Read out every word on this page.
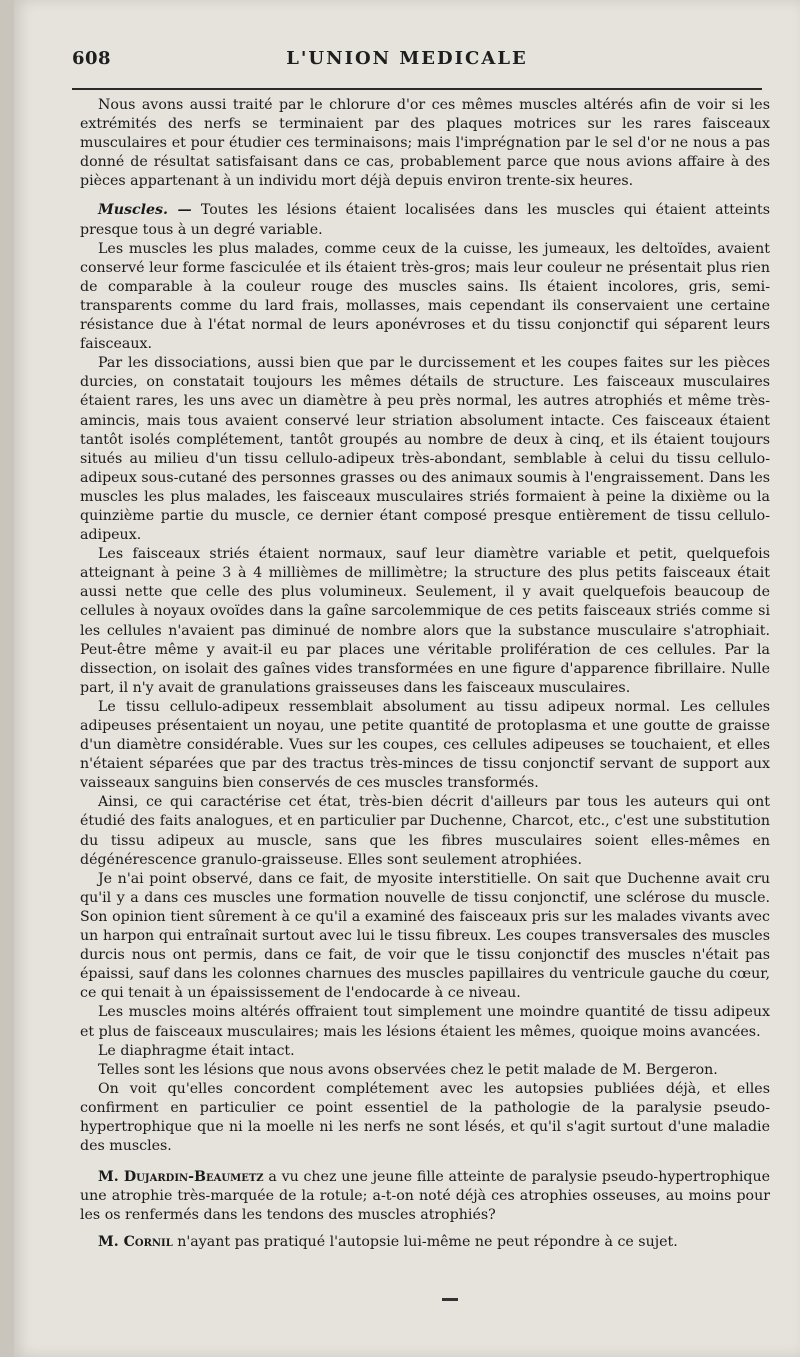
608	L'UNION MEDICALE

Nous avons aussi traité par le chlorure d'or ces mêmes muscles altérés afin de voir si les extrémités des nerfs se terminaient par des plaques motrices sur les rares faisceaux musculaires et pour étudier ces terminaisons; mais l'imprégnation par le sel d'or ne nous a pas donné de résultat satisfaisant dans ce cas, probablement parce que nous avions affaire à des pièces appartenant à un individu mort déjà depuis environ trente-six heures.

Muscles. — Toutes les lésions étaient localisées dans les muscles qui étaient atteints presque tous à un degré variable.

Les muscles les plus malades, comme ceux de la cuisse, les jumeaux, les deltoïdes, avaient conservé leur forme fasciculée et ils étaient très-gros; mais leur couleur ne présentait plus rien de comparable à la couleur rouge des muscles sains. Ils étaient incolores, gris, semi-transparents comme du lard frais, mollasses, mais cependant ils conservaient une certaine résistance due à l'état normal de leurs aponévroses et du tissu conjonctif qui séparent leurs faisceaux.

Par les dissociations, aussi bien que par le durcissement et les coupes faites sur les pièces durcies, on constatait toujours les mêmes détails de structure. Les faisceaux musculaires étaient rares, les uns avec un diamètre à peu près normal, les autres atrophiés et même très-amincis, mais tous avaient conservé leur striation absolument intacte. Ces faisceaux étaient tantôt isolés complétement, tantôt groupés au nombre de deux à cinq, et ils étaient toujours situés au milieu d'un tissu cellulo-adipeux très-abondant, semblable à celui du tissu cellulo-adipeux sous-cutané des personnes grasses ou des animaux soumis à l'engraissement. Dans les muscles les plus malades, les faisceaux musculaires striés formaient à peine la dixième ou la quinzième partie du muscle, ce dernier étant composé presque entièrement de tissu cellulo-adipeux.

Les faisceaux striés étaient normaux, sauf leur diamètre variable et petit, quelquefois atteignant à peine 3 à 4 millièmes de millimètre; la structure des plus petits faisceaux était aussi nette que celle des plus volumineux. Seulement, il y avait quelquefois beaucoup de cellules à noyaux ovoïdes dans la gaîne sarcolemmique de ces petits faisceaux striés comme si les cellules n'avaient pas diminué de nombre alors que la substance musculaire s'atrophiait. Peut-être même y avait-il eu par places une véritable prolifération de ces cellules. Par la dissection, on isolait des gaînes vides transformées en une figure d'apparence fibrillaire. Nulle part, il n'y avait de granulations graisseuses dans les faisceaux musculaires.

Le tissu cellulo-adipeux ressemblait absolument au tissu adipeux normal. Les cellules adipeuses présentaient un noyau, une petite quantité de protoplasma et une goutte de graisse d'un diamètre considérable. Vues sur les coupes, ces cellules adipeuses se touchaient, et elles n'étaient séparées que par des tractus très-minces de tissu conjonctif servant de support aux vaisseaux sanguins bien conservés de ces muscles transformés.

Ainsi, ce qui caractérise cet état, très-bien décrit d'ailleurs par tous les auteurs qui ont étudié des faits analogues, et en particulier par Duchenne, Charcot, etc., c'est une substitution du tissu adipeux au muscle, sans que les fibres musculaires soient elles-mêmes en dégénérescence granulo-graisseuse. Elles sont seulement atrophiées.

Je n'ai point observé, dans ce fait, de myosite interstitielle. On sait que Duchenne avait cru qu'il y a dans ces muscles une formation nouvelle de tissu conjonctif, une sclérose du muscle. Son opinion tient sûrement à ce qu'il a examiné des faisceaux pris sur les malades vivants avec un harpon qui entraînait surtout avec lui le tissu fibreux. Les coupes transversales des muscles durcis nous ont permis, dans ce fait, de voir que le tissu conjonctif des muscles n'était pas épaissi, sauf dans les colonnes charnues des muscles papillaires du ventricule gauche du cœur, ce qui tenait à un épaississement de l'endocarde à ce niveau.

Les muscles moins altérés offraient tout simplement une moindre quantité de tissu adipeux et plus de faisceaux musculaires; mais les lésions étaient les mêmes, quoique moins avancées.

Le diaphragme était intact.

Telles sont les lésions que nous avons observées chez le petit malade de M. Bergeron.

On voit qu'elles concordent complétement avec les autopsies publiées déjà, et elles confirment en particulier ce point essentiel de la pathologie de la paralysie pseudo-hypertrophique que ni la moelle ni les nerfs ne sont lésés, et qu'il s'agit surtout d'une maladie des muscles.

M. Dujardin-Beaumetz a vu chez une jeune fille atteinte de paralysie pseudo-hypertrophique une atrophie très-marquée de la rotule; a-t-on noté déjà ces atrophies osseuses, au moins pour les os renfermés dans les tendons des muscles atrophiés?

M. Cornil n'ayant pas pratiqué l'autopsie lui-même ne peut répondre à ce sujet.
